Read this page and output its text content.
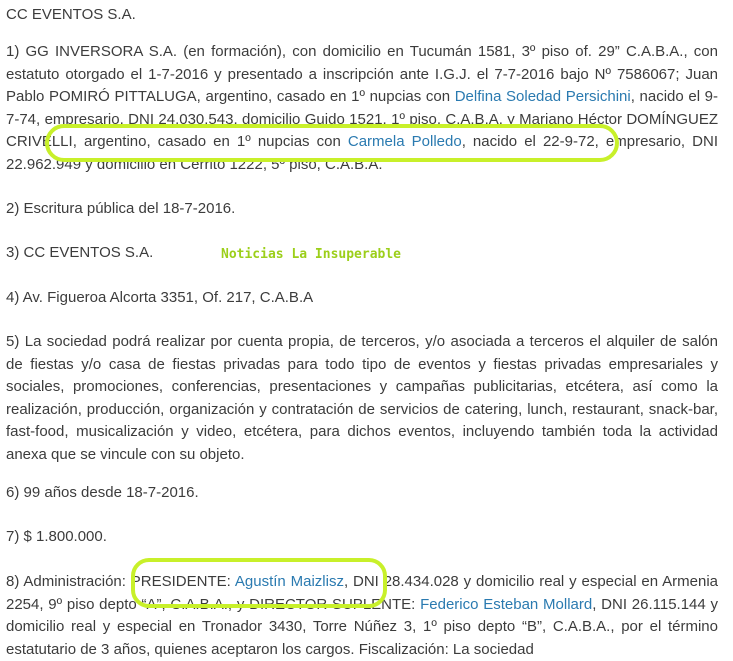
CC EVENTOS S.A.

1) GG INVERSORA S.A. (en formación), con domicilio en Tucumán 1581, 3º piso of. 29” C.A.B.A., con estatuto otorgado el 1-7-2016 y presentado a inscripción ante I.G.J. el 7-7-2016 bajo Nº 7586067; Juan Pablo POMIRÓ PITTALUGA, argentino, casado en 1º nupcias con Delfina Soledad Persichini, nacido el 9-7-74, empresario, DNI 24.030.543, domicilio Guido 1521, 1º piso, C.A.B.A. y Mariano Héctor DOMÍNGUEZ CRIVELLI, argentino, casado en 1º nupcias con Carmela Polledo, nacido el 22-9-72, empresario, DNI 22.962.949 y domicilio en Cerrito 1222, 5º piso, C.A.B.A.

2) Escritura pública del 18-7-2016.

3) CC EVENTOS S.A.

4) Av. Figueroa Alcorta 3351, Of. 217, C.A.B.A

5) La sociedad podrá realizar por cuenta propia, de terceros, y/o asociada a terceros el alquiler de salón de fiestas y/o casa de fiestas privadas para todo tipo de eventos y fiestas privadas empresariales y sociales, promociones, conferencias, presentaciones y campañas publicitarias, etcétera, así como la realización, producción, organización y contratación de servicios de catering, lunch, restaurant, snack-bar, fast-food, musicalización y video, etcétera, para dichos eventos, incluyendo también toda la actividad anexa que se vincule con su objeto.

6) 99 años desde 18-7-2016.

7) $ 1.800.000.

8) Administración: PRESIDENTE: Agustín Maizlisz, DNI 28.434.028 y domicilio real y especial en Armenia 2254, 9º piso depto “A”, C.A.B.A., y DIRECTOR SUPLENTE: Federico Esteban Mollard, DNI 26.115.144 y domicilio real y especial en Tronador 3430, Torre Núñez 3, 1º piso depto “B”, C.A.B.A., por el término estatutario de 3 años, quienes aceptaron los cargos. Fiscalización: La sociedad

Noticias La Insuperable
